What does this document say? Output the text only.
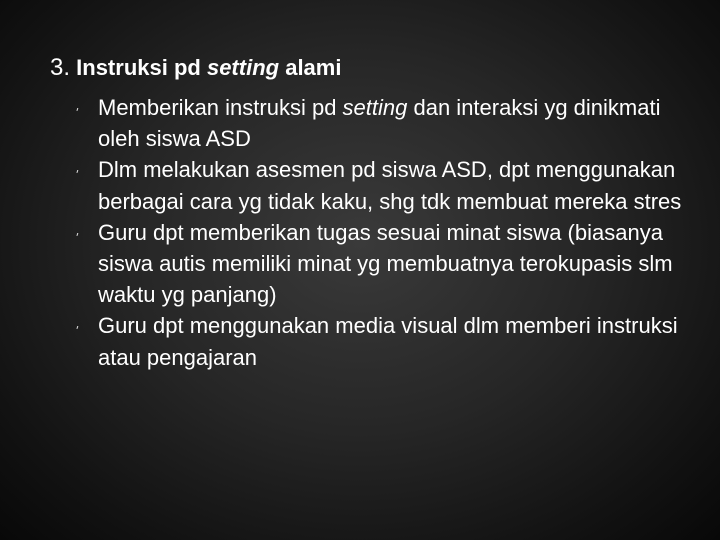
3. Instruksi pd setting alami
⸴ Memberikan instruksi pd setting dan interaksi yg dinikmati oleh siswa ASD
⸴ Dlm melakukan asesmen pd siswa ASD, dpt menggunakan berbagai cara yg tidak kaku, shg tdk membuat mereka stres
⸴ Guru dpt memberikan tugas sesuai minat siswa (biasanya siswa autis memiliki minat yg membuatnya terokupasis slm waktu yg panjang)
⸴ Guru dpt menggunakan media visual dlm memberi instruksi atau pengajaran
